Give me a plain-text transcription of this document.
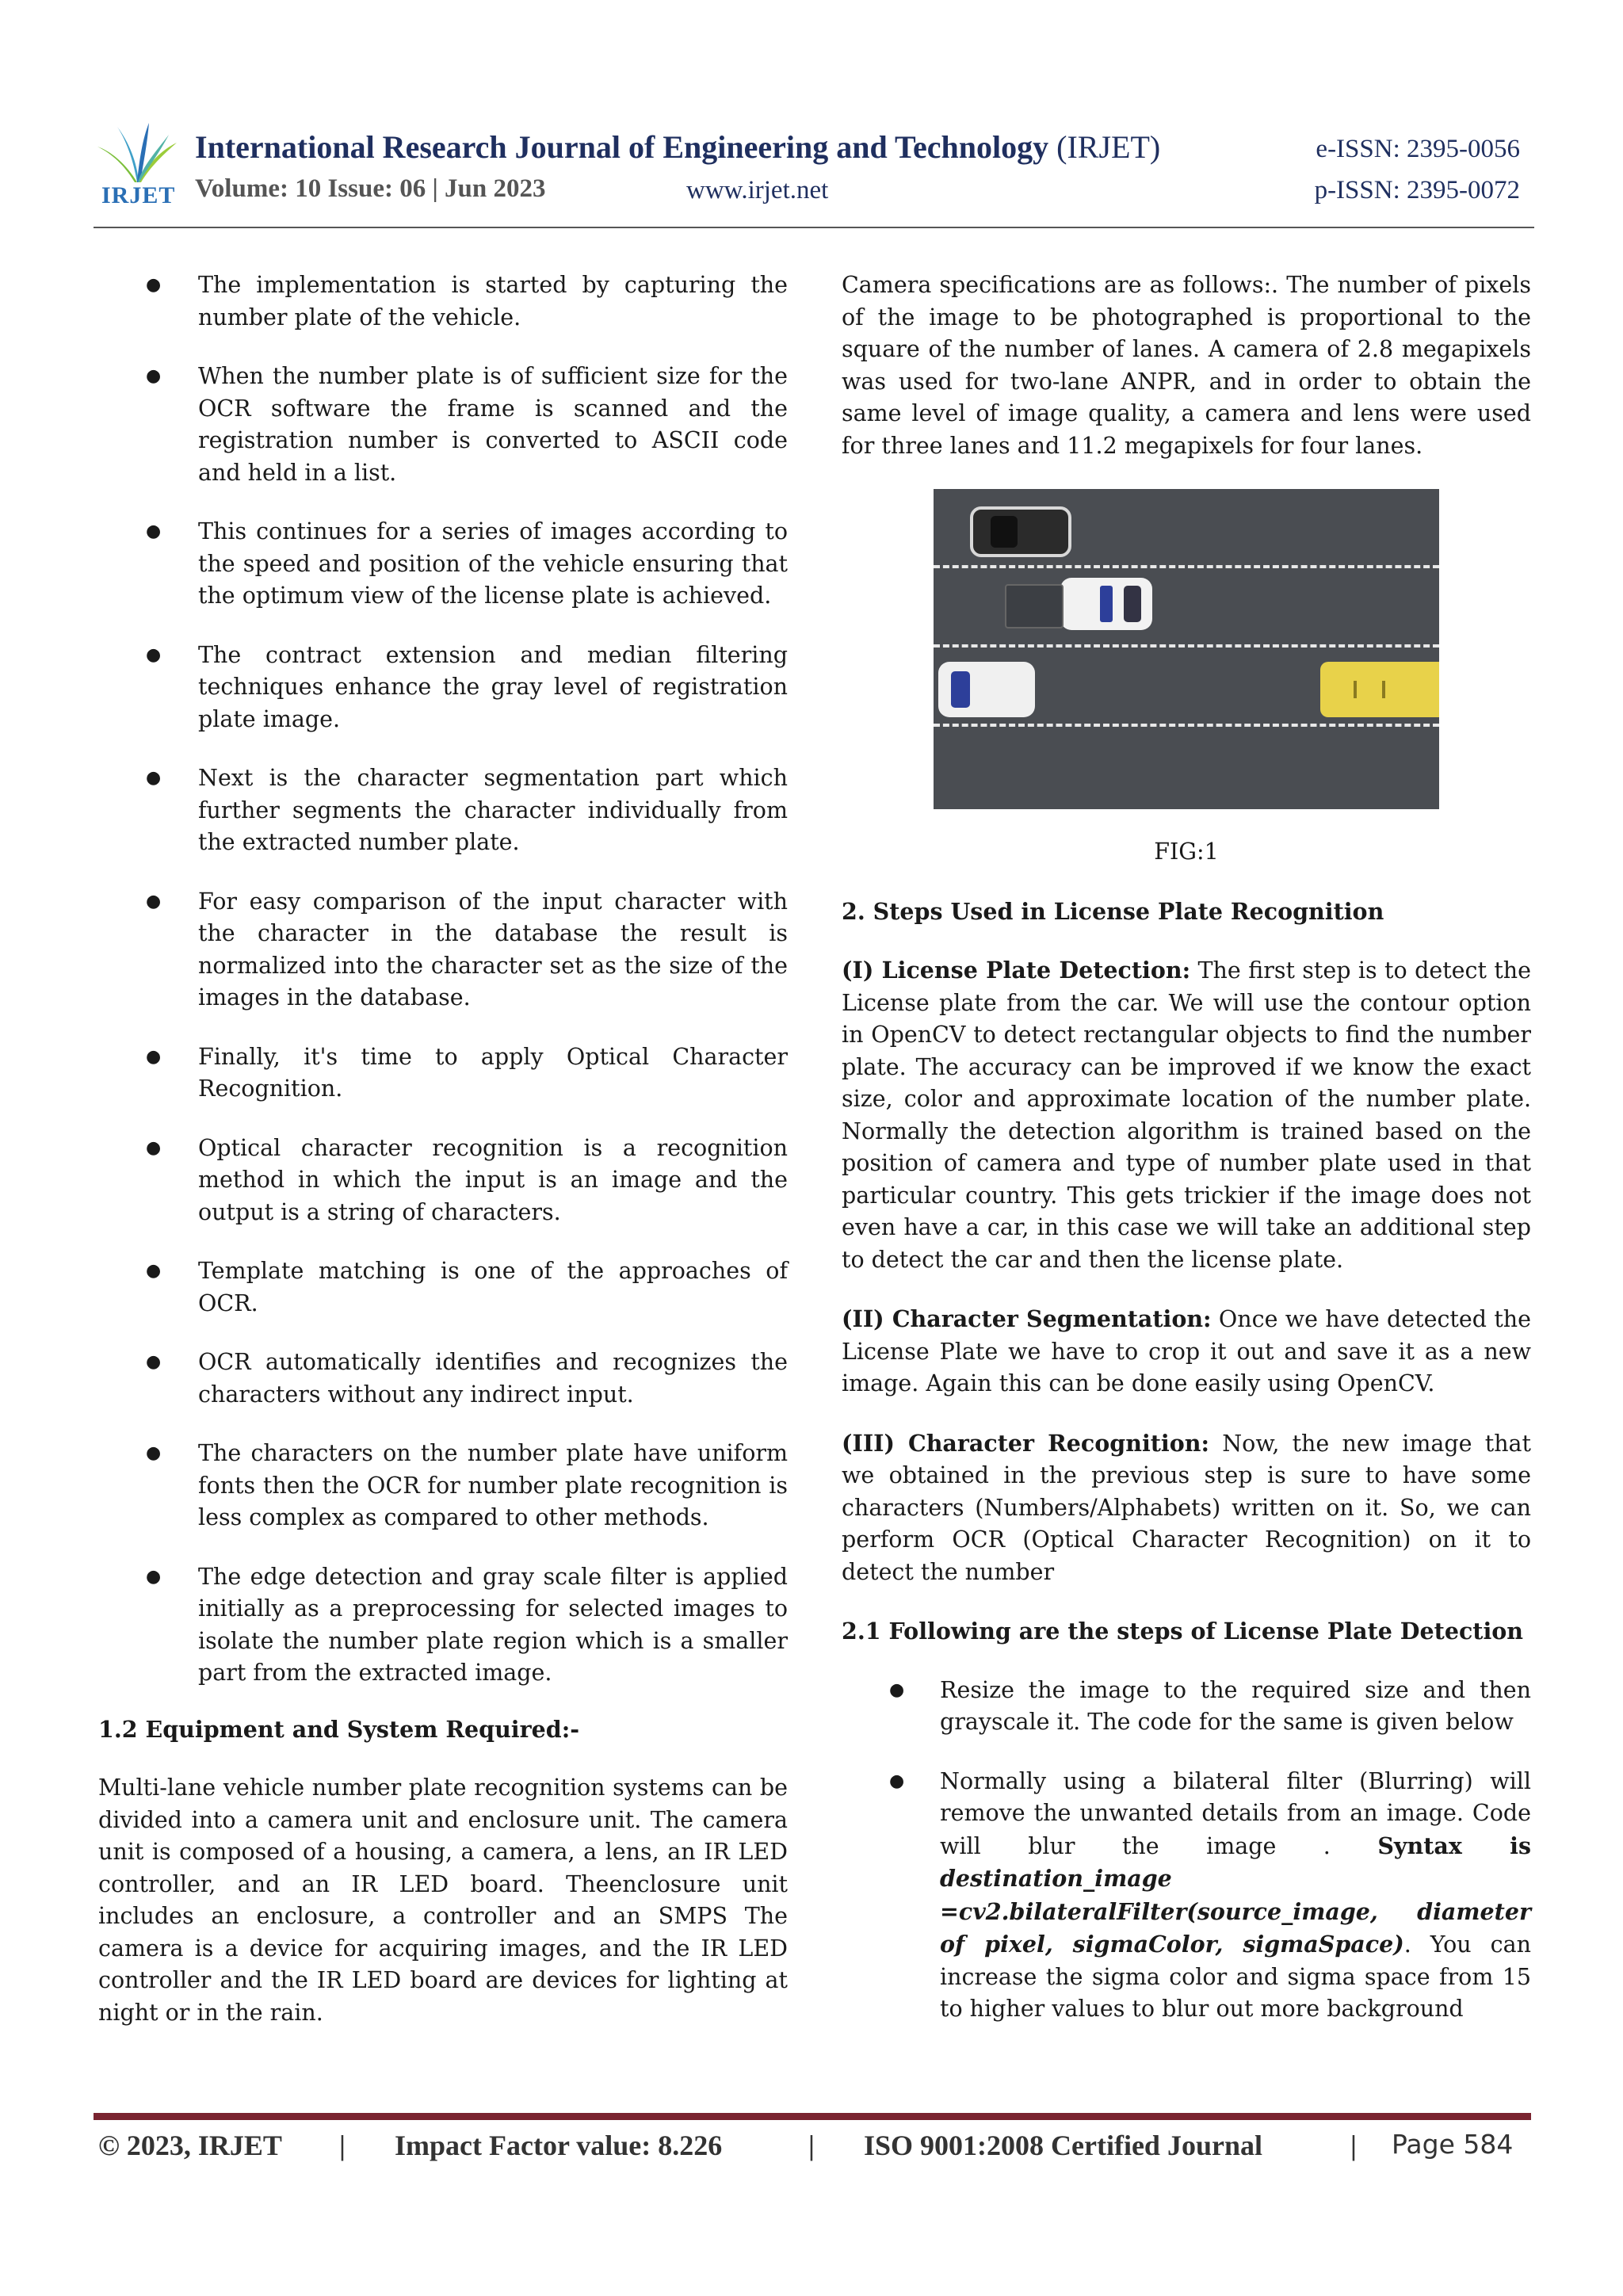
IRJET
International Research Journal of Engineering and Technology (IRJET)	e-ISSN: 2395-0056
Volume: 10 Issue: 06 | Jun 2023	www.irjet.net	p-ISSN: 2395-0072
● The implementation is started by capturing the number plate of the vehicle.
● When the number plate is of sufficient size for the OCR software the frame is scanned and the registration number is converted to ASCII code and held in a list.
● This continues for a series of images according to the speed and position of the vehicle ensuring that the optimum view of the license plate is achieved.
● The contract extension and median filtering techniques enhance the gray level of registration plate image.
● Next is the character segmentation part which further segments the character individually from the extracted number plate.
● For easy comparison of the input character with the character in the database the result is normalized into the character set as the size of the images in the database.
● Finally, it's time to apply Optical Character Recognition.
● Optical character recognition is a recognition method in which the input is an image and the output is a string of characters.
● Template matching is one of the approaches of OCR.
● OCR automatically identifies and recognizes the characters without any indirect input.
● The characters on the number plate have uniform fonts then the OCR for number plate recognition is less complex as compared to other methods.
● The edge detection and gray scale filter is applied initially as a preprocessing for selected images to isolate the number plate region which is a smaller part from the extracted image.
1.2 Equipment and System Required:-

Multi-lane vehicle number plate recognition systems can be divided into a camera unit and enclosure unit. The camera unit is composed of a housing, a camera, a lens, an IR LED controller, and an IR LED board. Theenclosure unit includes an enclosure, a controller and an SMPS The camera is a device for acquiring images, and the IR LED controller and the IR LED board are devices for lighting at night or in the rain.

Camera specifications are as follows:. The number of pixels of the image to be photographed is proportional to the square of the number of lanes. A camera of 2.8 megapixels was used for two-lane ANPR, and in order to obtain the same level of image quality, a camera and lens were used for three lanes and 11.2 megapixels for four lanes.

FIG:1
2. Steps Used in License Plate Recognition

(I) License Plate Detection: The first step is to detect the License plate from the car. We will use the contour option in OpenCV to detect rectangular objects to find the number plate. The accuracy can be improved if we know the exact size, color and approximate location of the number plate. Normally the detection algorithm is trained based on the position of camera and type of number plate used in that particular country. This gets trickier if the image does not even have a car, in this case we will take an additional step to detect the car and then the license plate.

(II) Character Segmentation: Once we have detected the License Plate we have to crop it out and save it as a new image. Again this can be done easily using OpenCV.

(III) Character Recognition: Now, the new image that we obtained in the previous step is sure to have some characters (Numbers/Alphabets) written on it. So, we can perform OCR (Optical Character Recognition) on it to detect the number

2.1 Following are the steps of License Plate Detection
● Resize the image to the required size and then grayscale it. The code for the same is given below
● Normally using a bilateral filter (Blurring) will remove the unwanted details from an image. Code will blur the image . Syntax is destination_image =cv2.bilateralFilter(source_image, diameter of pixel, sigmaColor, sigmaSpace). You can increase the sigma color and sigma space from 15 to higher values to blur out more background
© 2023, IRJET | Impact Factor value: 8.226	| ISO 9001:2008 Certified Journal	| Page 584
